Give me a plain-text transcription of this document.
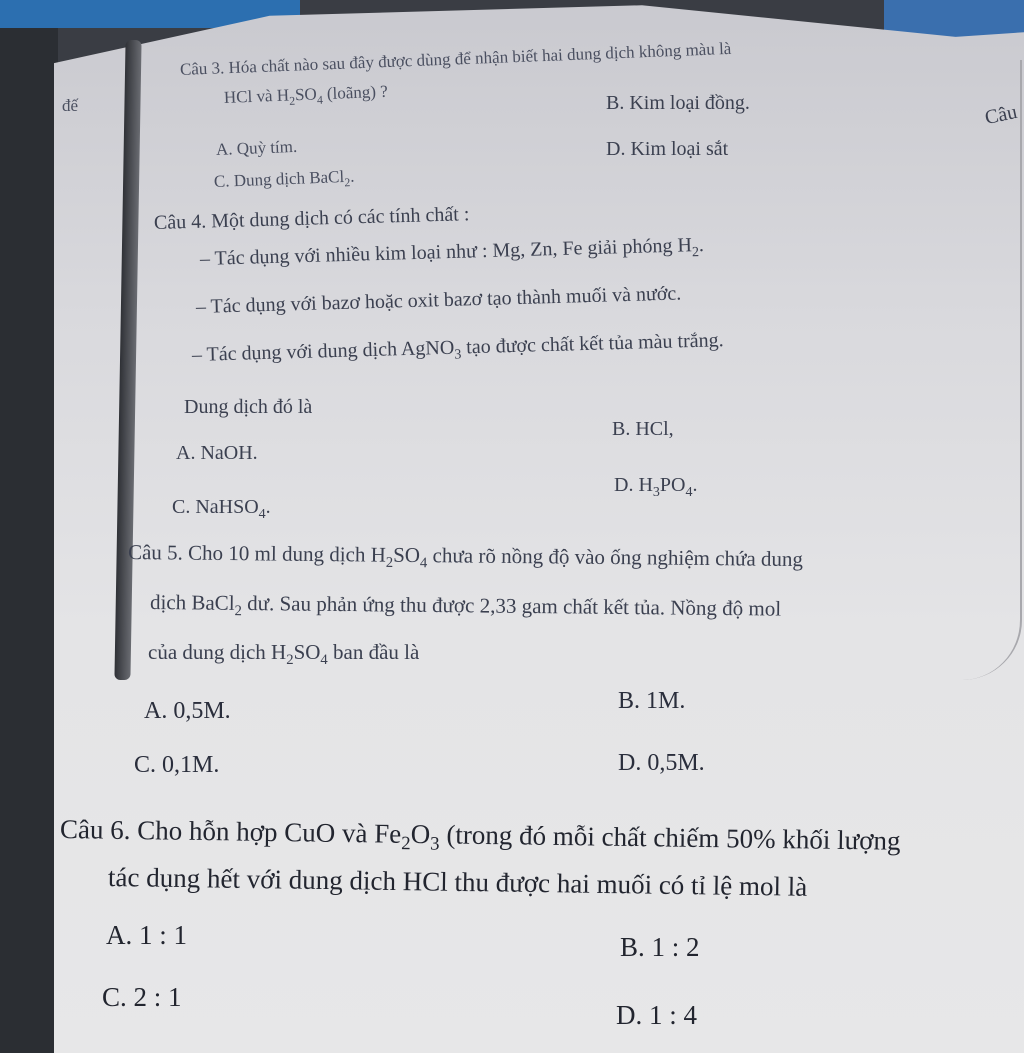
đế	Câu
Câu 3. Hóa chất nào sau đây được dùng để nhận biết hai dung dịch không màu là
HCl và $H_2SO_4$ (loãng) ?
A. Quỳ tím.
B. Kim loại đồng.
C. Dung dịch BaCl$_2$.
D. Kim loại sắt
Câu 4. Một dung dịch có các tính chất :
– Tác dụng với nhiều kim loại như : Mg, Zn, Fe giải phóng $H_2$.
– Tác dụng với bazơ hoặc oxit bazơ tạo thành muối và nước.
– Tác dụng với dung dịch AgNO$_3$ tạo được chất kết tủa màu trắng.
Dung dịch đó là
A. NaOH.
B. HCl,
C. NaHSO$_4$.
D. $H_3PO_4$.
Câu 5. Cho 10 ml dung dịch $H_2SO_4$ chưa rõ nồng độ vào ống nghiệm chứa dung
dịch BaCl$_2$ dư. Sau phản ứng thu được 2,33 gam chất kết tủa. Nồng độ mol
của dung dịch $H_2SO_4$ ban đầu là
A. 0,5M.	B. 1M.
C. 0,1M.	D. 0,5M.
Câu 6. Cho hỗn hợp CuO và $Fe_2O_3$ (trong đó mỗi chất chiếm 50% khối lượng
tác dụng hết với dung dịch HCl thu được hai muối có tỉ lệ mol là
A. 1 : 1	B. 1 : 2
C. 2 : 1
D. 1 : 4
